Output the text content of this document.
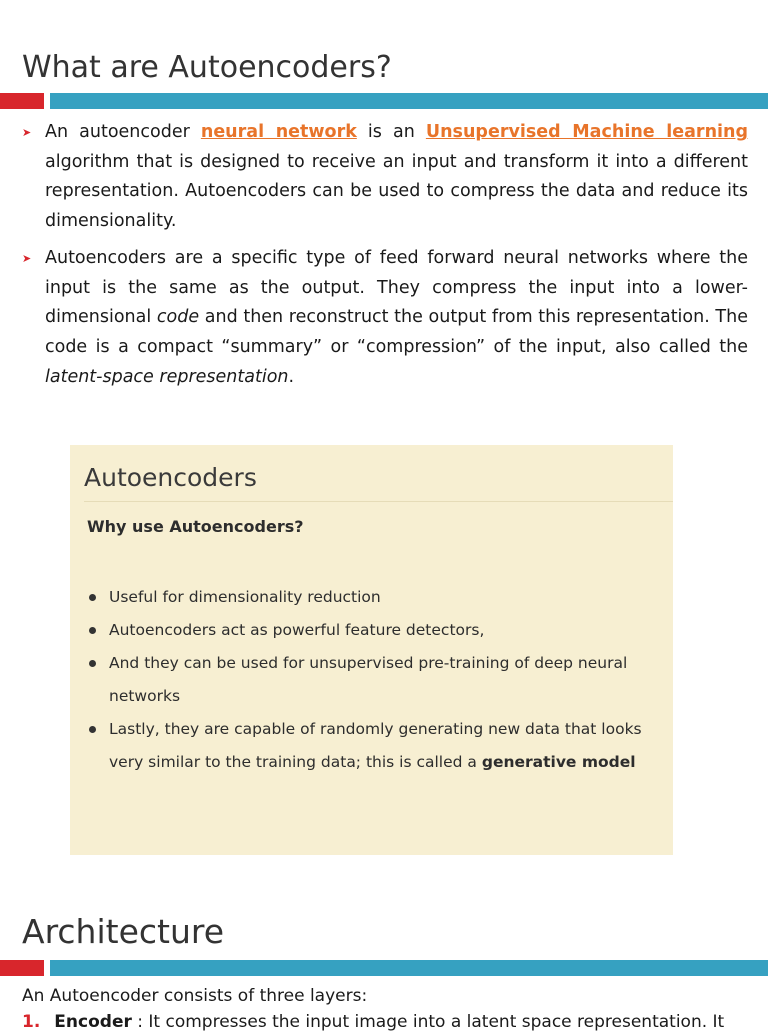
What are Autoencoders?
➤ An autoencoder neural network is an Unsupervised Machine learning algorithm that is designed to receive an input and transform it into a different representation. Autoencoders can be used to compress the data and reduce its dimensionality.
➤ Autoencoders are a specific type of feed forward neural networks where the input is the same as the output. They compress the input into a lower-dimensional code and then reconstruct the output from this representation. The code is a compact “summary” or “compression” of the input, also called the latent-space representation.
Autoencoders
Why use Autoencoders?
Useful for dimensionality reduction
Autoencoders act as powerful feature detectors,
And they can be used for unsupervised pre-training of deep neural networks
Lastly, they are capable of randomly generating new data that looks very similar to the training data; this is called a generative model
Architecture

An Autoencoder consists of three layers:

1. Encoder : It compresses the input image into a latent space representation. It
